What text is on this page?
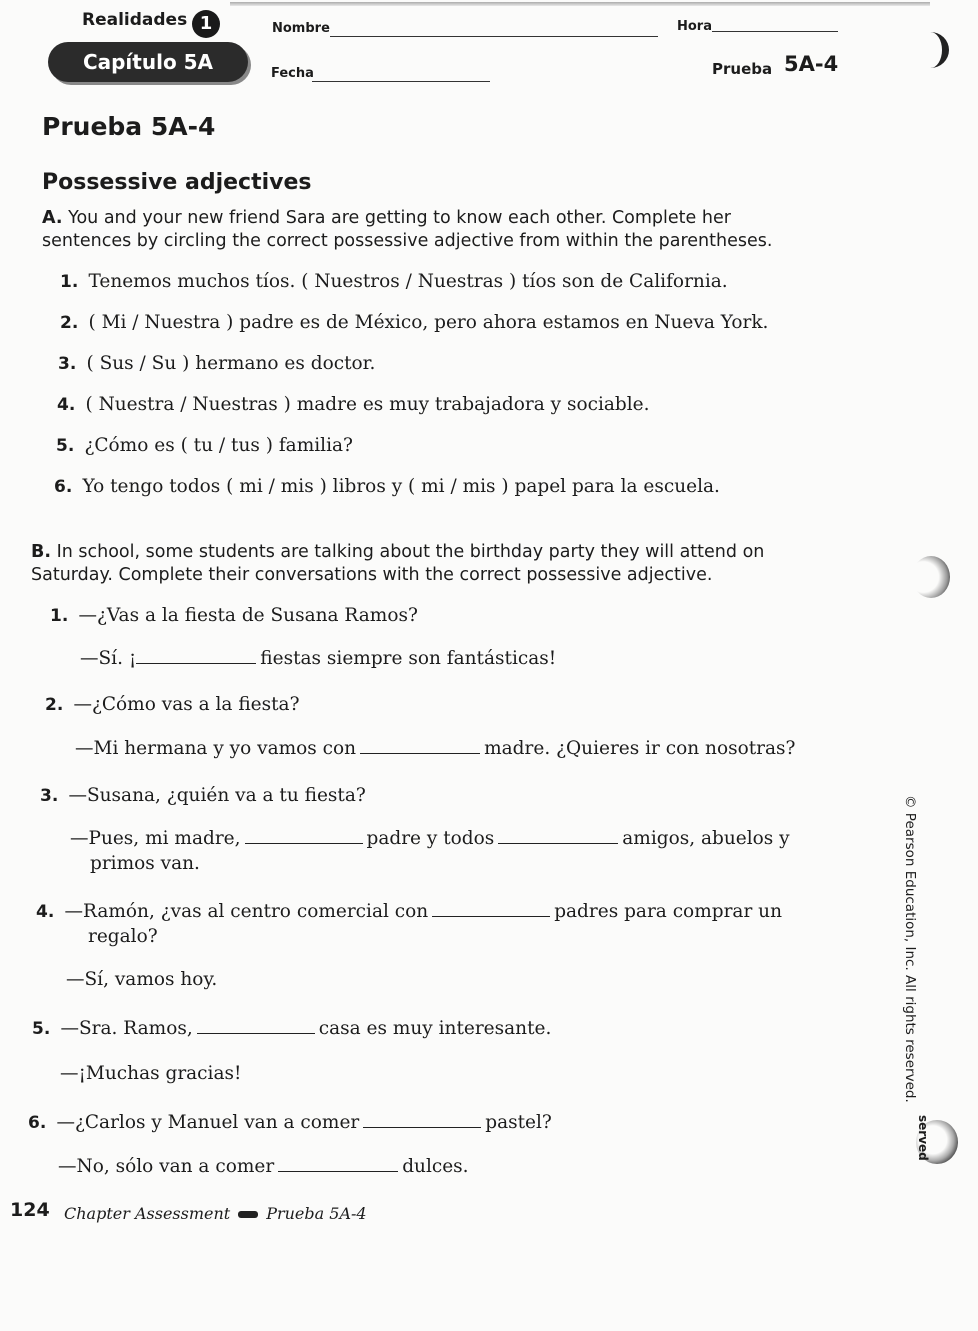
Realidades 1
Capítulo 5A
Nombre	Hora
Fecha	Prueba 5A-4
Prueba 5A-4
Possessive adjectives
A. You and your new friend Sara are getting to know each other. Complete her
sentences by circling the correct possessive adjective from within the parentheses.
1. Tenemos muchos tíos. ( Nuestros / Nuestras ) tíos son de California.
2. ( Mi / Nuestra ) padre es de México, pero ahora estamos en Nueva York.
3. ( Sus / Su ) hermano es doctor.
4. ( Nuestra / Nuestras ) madre es muy trabajadora y sociable.
5. ¿Cómo es ( tu / tus ) familia?
6. Yo tengo todos ( mi / mis ) libros y ( mi / mis ) papel para la escuela.
B. In school, some students are talking about the birthday party they will attend on
Saturday. Complete their conversations with the correct possessive adjective.
1. —¿Vas a la fiesta de Susana Ramos?
—Sí. ¡	fiestas siempre son fantásticas!
2. —¿Cómo vas a la fiesta?
—Mi hermana y yo vamos con	madre. ¿Quieres ir con nosotras?
3. —Susana, ¿quién va a tu fiesta?
—Pues, mi madre,	padre y todos	amigos, abuelos y
primos van.
4. —Ramón, ¿vas al centro comercial con	padres para comprar un
regalo?
—Sí, vamos hoy.
5. —Sra. Ramos,	casa es muy interesante.
—¡Muchas gracias!
6. —¿Carlos y Manuel van a comer	pastel?
—No, sólo van a comer	dulces.
124 Chapter Assessment Prueba 5A-4
© Pearson Education, Inc. All rights reserved.
served
